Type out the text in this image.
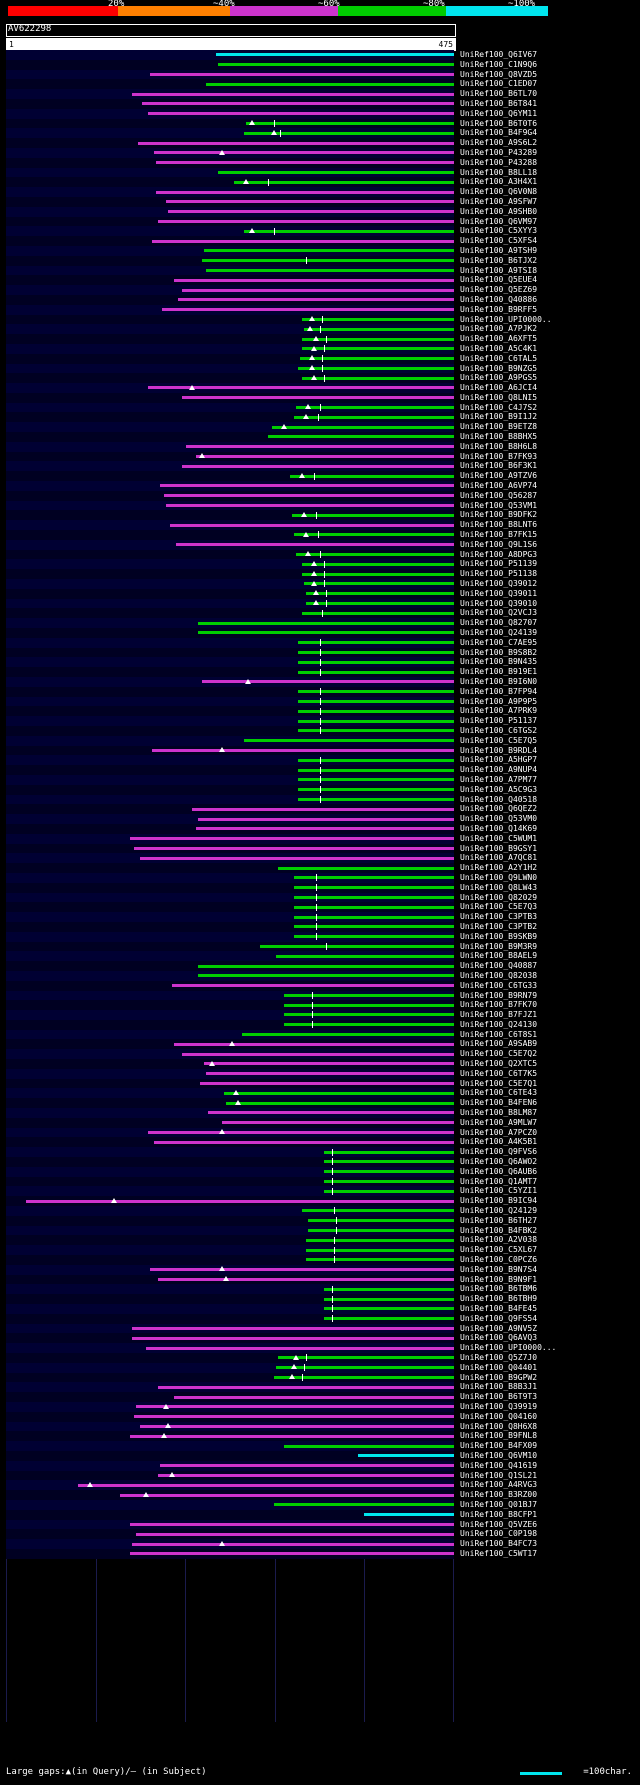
20%	~40%	~60%	~80%	~100%
AV622298
1	475
UniRef100_Q6IV67
UniRef100_C1N9Q6
UniRef100_Q8VZD5
UniRef100_C1ED07
UniRef100_B6TL70
UniRef100_B6T841
UniRef100_Q6YM11
UniRef100_B6T0T6
UniRef100_B4F9G4
UniRef100_A9S6L2
UniRef100_P43289
UniRef100_P43288
UniRef100_B8LL18
UniRef100_A3H4X1
UniRef100_Q6V0N8
UniRef100_A9SFW7
UniRef100_A9SHB0
UniRef100_Q6VM97
UniRef100_C5XYY3
UniRef100_C5XFS4
UniRef100_A9TSH9
UniRef100_B6TJX2
UniRef100_A9TSI8
UniRef100_Q5EUE4
UniRef100_Q5EZ69
UniRef100_Q40886
UniRef100_B9RFF5
UniRef100_UPI0000..
UniRef100_A7PJK2
UniRef100_A6XFT5
UniRef100_A5C4K1
UniRef100_C6TAL5
UniRef100_B9NZG5
UniRef100_A9PGS5
UniRef100_A6JCI4
UniRef100_Q8LNI5
UniRef100_C4J7S2
UniRef100_B9I1J2
UniRef100_B9ETZ8
UniRef100_B8BHX5
UniRef100_B8H6L8
UniRef100_B7FK93
UniRef100_B6F3K1
UniRef100_A9TZV6
UniRef100_A6VP74
UniRef100_Q56287
UniRef100_Q53VM1
UniRef100_B9DFK2
UniRef100_B8LNT6
UniRef100_B7FK15
UniRef100_Q9L1S6
UniRef100_A8DPG3
UniRef100_P51139
UniRef100_P51138
UniRef100_Q39012
UniRef100_Q39011
UniRef100_Q39010
UniRef100_Q2VCJ3
UniRef100_Q82707
UniRef100_Q24139
UniRef100_C7AE95
UniRef100_B9S8B2
UniRef100_B9N435
UniRef100_B919E1
UniRef100_B9I6N0
UniRef100_B7FP94
UniRef100_A9P9P5
UniRef100_A7PRK9
UniRef100_P51137
UniRef100_C6TGS2
UniRef100_C5E7Q5
UniRef100_B9RDL4
UniRef100_A5HGP7
UniRef100_A9NUP4
UniRef100_A7PM77
UniRef100_A5C9G3
UniRef100_Q40518
UniRef100_Q6QEZ2
UniRef100_Q53VM0
UniRef100_Q14K69
UniRef100_C5WUM1
UniRef100_B9GSY1
UniRef100_A7QC81
UniRef100_A2Y1H2
UniRef100_Q9LWN0
UniRef100_Q8LW43
UniRef100_Q82029
UniRef100_C5E7Q3
UniRef100_C3PTB3
UniRef100_C3PTB2
UniRef100_B9SKB9
UniRef100_B9M3R9
UniRef100_B8AEL9
UniRef100_Q40887
UniRef100_Q82038
UniRef100_C6TG33
UniRef100_B9RN79
UniRef100_B7FK70
UniRef100_B7FJZ1
UniRef100_Q24130
UniRef100_C6T8S1
UniRef100_A9SAB9
UniRef100_C5E7Q2
UniRef100_Q2XTC5
UniRef100_C6T7K5
UniRef100_C5E7Q1
UniRef100_C6TE43
UniRef100_B4FEN6
UniRef100_B8LM87
UniRef100_A9MLW7
UniRef100_A7PCZ0
UniRef100_A4K5B1
UniRef100_Q9FVS6
UniRef100_Q6AWO2
UniRef100_Q6AUB6
UniRef100_Q1AMT7
UniRef100_C5YZI1
UniRef100_B9IC94
UniRef100_Q24129
UniRef100_B6TH27
UniRef100_B4FBK2
UniRef100_A2V038
UniRef100_C5XL67
UniRef100_C0PCZ6
UniRef100_B9N7S4
UniRef100_B9N9F1
UniRef100_B6TBM6
UniRef100_B6TBH9
UniRef100_B4FE45
UniRef100_Q9FS54
UniRef100_A9NV5Z
UniRef100_Q6AVQ3
UniRef100_UPI0000...
UniRef100_Q5Z7J0
UniRef100_Q04401
UniRef100_B9GPW2
UniRef100_B8B3J1
UniRef100_B6T9T3
UniRef100_Q39919
UniRef100_Q04160
UniRef100_Q8H6X8
UniRef100_B9FNL8
UniRef100_B4FX09
UniRef100_Q6VM10
UniRef100_Q41619
UniRef100_Q1SL21
UniRef100_A4RVG3
UniRef100_B3RZ00
UniRef100_Q01BJ7
UniRef100_B8CFP1
UniRef100_Q5VZE6
UniRef100_C0P198
UniRef100_B4FC73
UniRef100_C5WT17
Large gaps:▲(in Query)/– (in Subject)	=100char.
